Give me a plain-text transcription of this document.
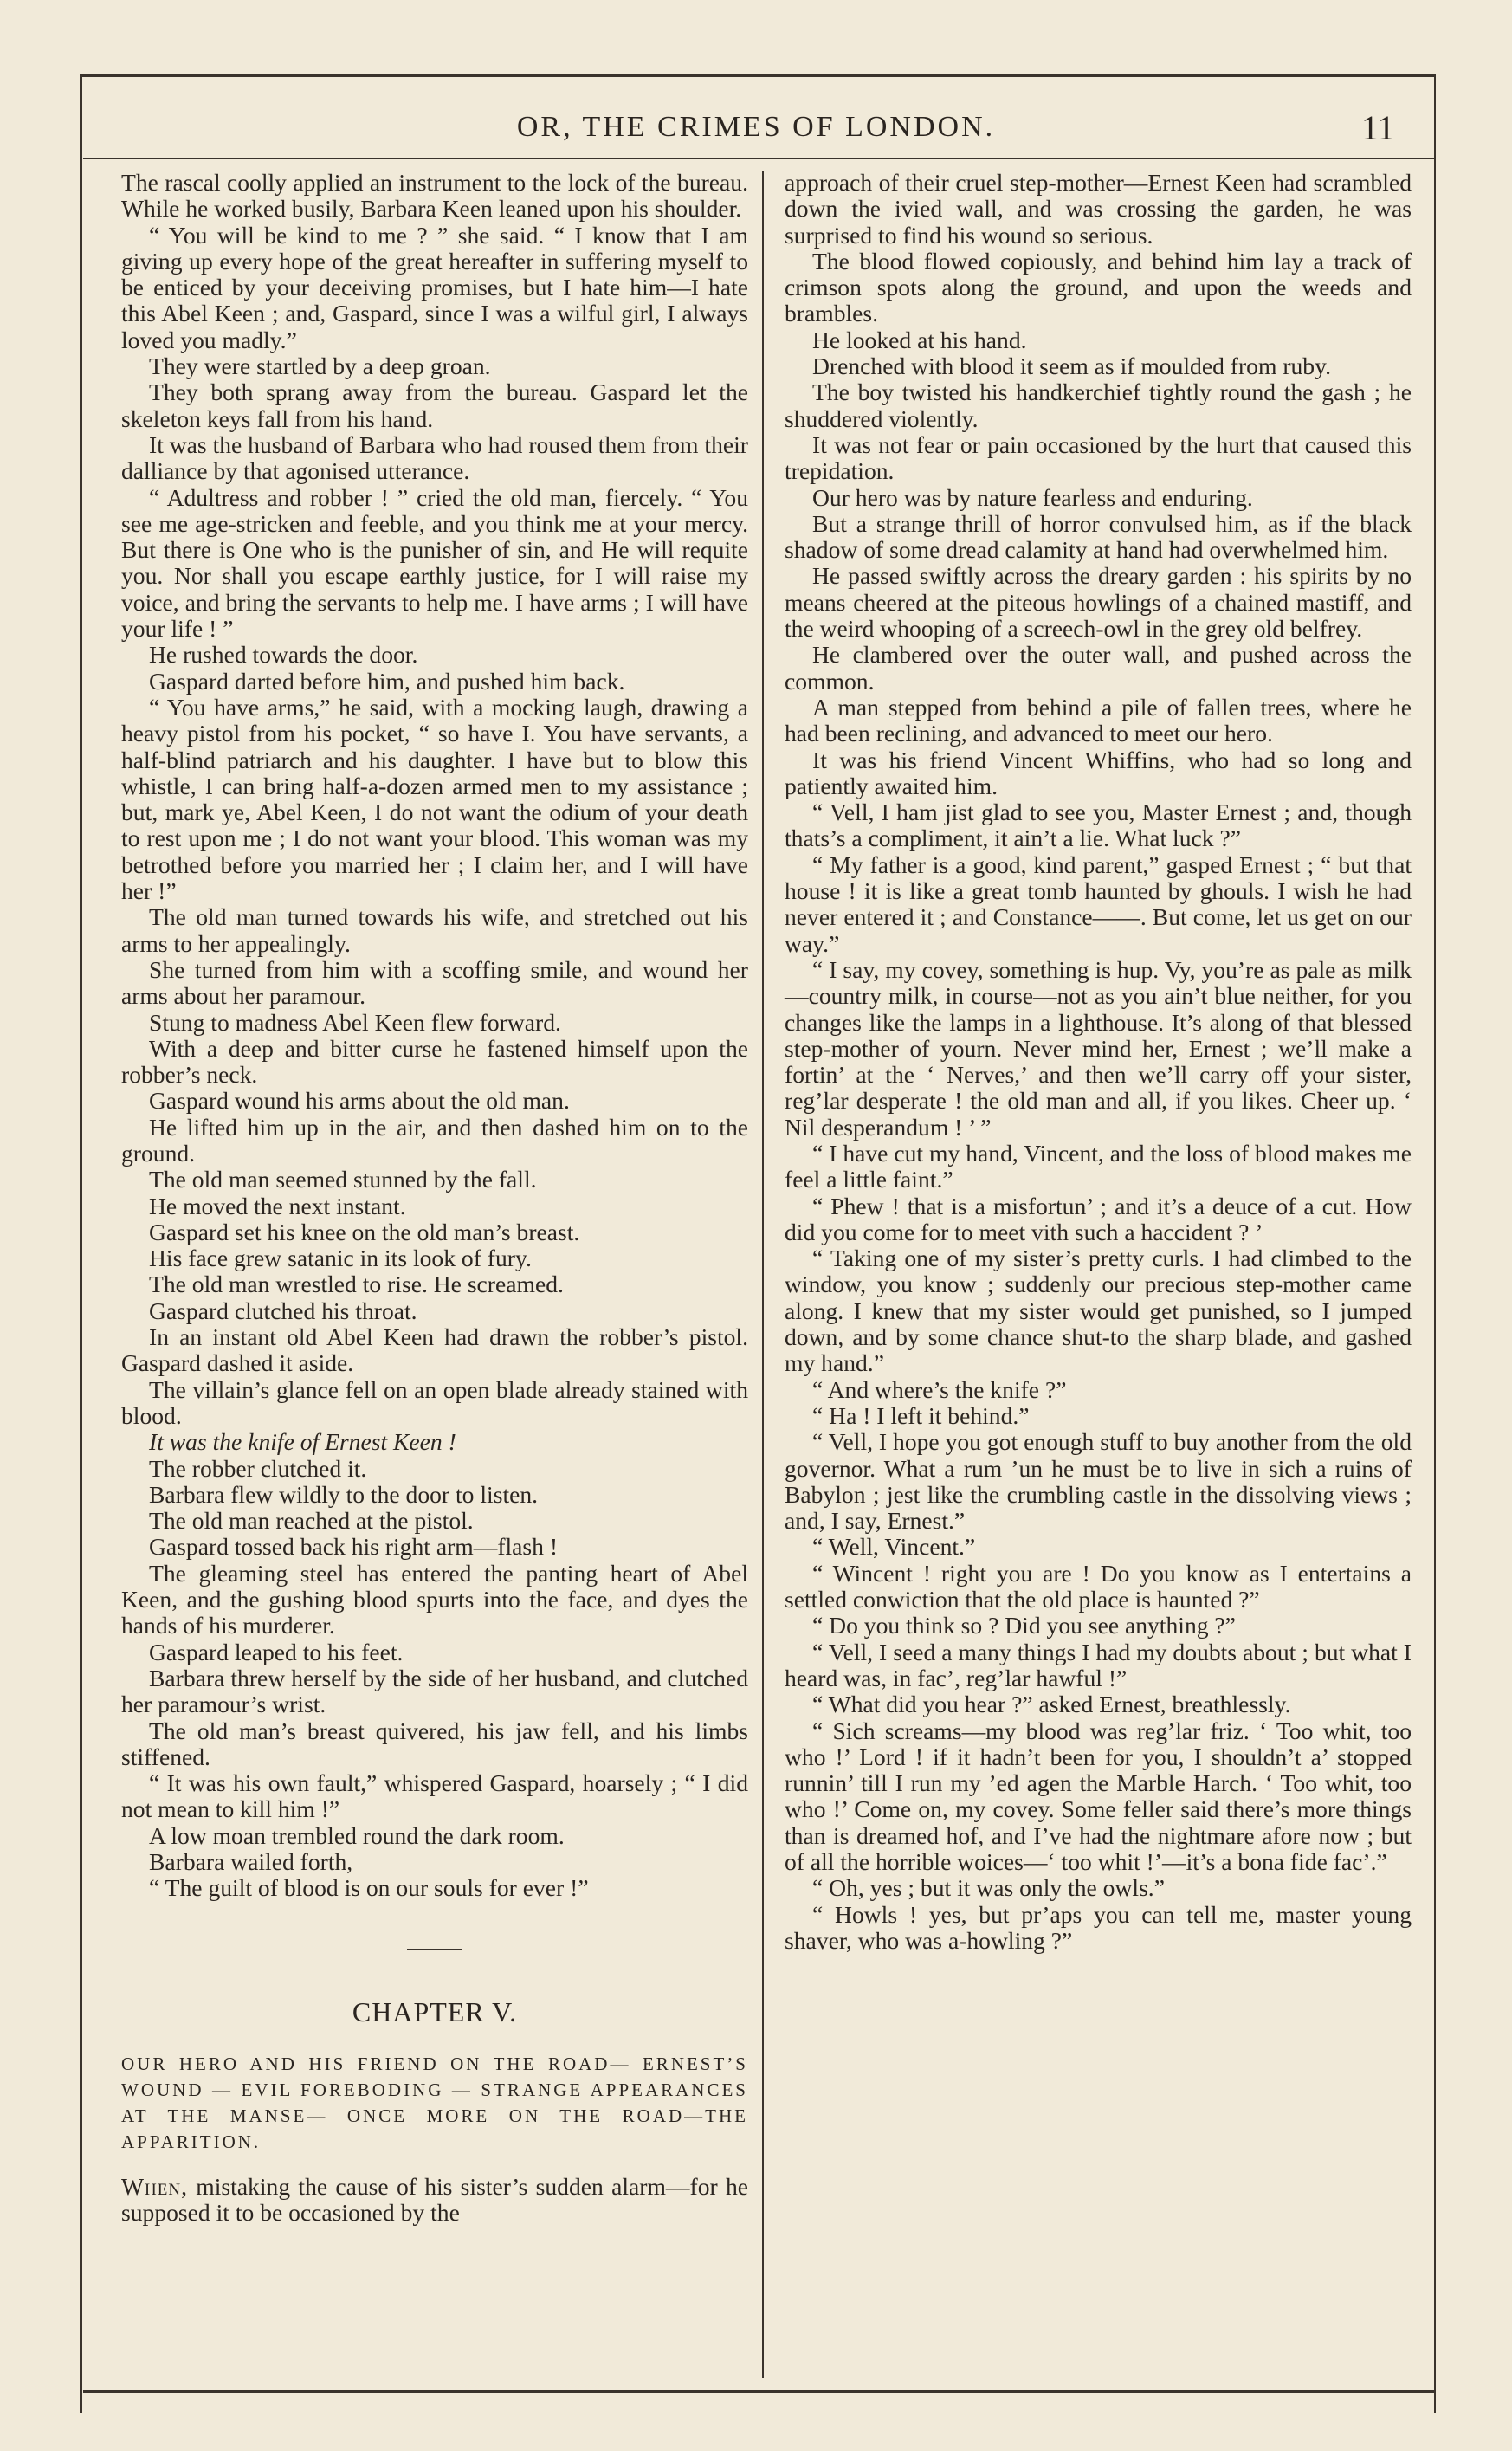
OR, THE CRIMES OF LONDON.	11

The rascal coolly applied an instrument to the lock of the bureau. While he worked busily, Barbara Keen leaned upon his shoulder.

“ You will be kind to me ? ” she said. “ I know that I am giving up every hope of the great hereafter in suffering myself to be enticed by your deceiving promises, but I hate him—I hate this Abel Keen ; and, Gaspard, since I was a wilful girl, I always loved you madly.”

They were startled by a deep groan.

They both sprang away from the bureau. Gaspard let the skeleton keys fall from his hand.

It was the husband of Barbara who had roused them from their dalliance by that agonised utterance.

“ Adultress and robber ! ” cried the old man, fiercely. “ You see me age-stricken and feeble, and you think me at your mercy. But there is One who is the punisher of sin, and He will requite you. Nor shall you escape earthly justice, for I will raise my voice, and bring the servants to help me. I have arms ; I will have your life ! ”

He rushed towards the door.

Gaspard darted before him, and pushed him back.

“ You have arms,” he said, with a mocking laugh, drawing a heavy pistol from his pocket, “ so have I. You have servants, a half-blind patriarch and his daughter. I have but to blow this whistle, I can bring half-a-dozen armed men to my assistance ; but, mark ye, Abel Keen, I do not want the odium of your death to rest upon me ; I do not want your blood. This woman was my betrothed before you married her ; I claim her, and I will have her !”

The old man turned towards his wife, and stretched out his arms to her appealingly.

She turned from him with a scoffing smile, and wound her arms about her paramour.

Stung to madness Abel Keen flew forward.

With a deep and bitter curse he fastened himself upon the robber’s neck.

Gaspard wound his arms about the old man.

He lifted him up in the air, and then dashed him on to the ground.

The old man seemed stunned by the fall.

He moved the next instant.

Gaspard set his knee on the old man’s breast.

His face grew satanic in its look of fury.

The old man wrestled to rise. He screamed.

Gaspard clutched his throat.

In an instant old Abel Keen had drawn the robber’s pistol. Gaspard dashed it aside.

The villain’s glance fell on an open blade already stained with blood.

It was the knife of Ernest Keen !

The robber clutched it.

Barbara flew wildly to the door to listen.

The old man reached at the pistol.

Gaspard tossed back his right arm—flash !

The gleaming steel has entered the panting heart of Abel Keen, and the gushing blood spurts into the face, and dyes the hands of his murderer.

Gaspard leaped to his feet.

Barbara threw herself by the side of her husband, and clutched her paramour’s wrist.

The old man’s breast quivered, his jaw fell, and his limbs stiffened.

“ It was his own fault,” whispered Gaspard, hoarsely ; “ I did not mean to kill him !”

A low moan trembled round the dark room.

Barbara wailed forth,

“ The guilt of blood is on our souls for ever !”

CHAPTER V.

OUR HERO AND HIS FRIEND ON THE ROAD— ERNEST’S WOUND — EVIL FOREBODING — STRANGE APPEARANCES AT THE MANSE— ONCE MORE ON THE ROAD—THE APPARITION.

When, mistaking the cause of his sister’s sudden alarm—for he supposed it to be occasioned by the

approach of their cruel step-mother—Ernest Keen had scrambled down the ivied wall, and was crossing the garden, he was surprised to find his wound so serious.

The blood flowed copiously, and behind him lay a track of crimson spots along the ground, and upon the weeds and brambles.

He looked at his hand.

Drenched with blood it seem as if moulded from ruby.

The boy twisted his handkerchief tightly round the gash ; he shuddered violently.

It was not fear or pain occasioned by the hurt that caused this trepidation.

Our hero was by nature fearless and enduring.

But a strange thrill of horror convulsed him, as if the black shadow of some dread calamity at hand had overwhelmed him.

He passed swiftly across the dreary garden : his spirits by no means cheered at the piteous howlings of a chained mastiff, and the weird whooping of a screech-owl in the grey old belfrey.

He clambered over the outer wall, and pushed across the common.

A man stepped from behind a pile of fallen trees, where he had been reclining, and advanced to meet our hero.

It was his friend Vincent Whiffins, who had so long and patiently awaited him.

“ Vell, I ham jist glad to see you, Master Ernest ; and, though thats’s a compliment, it ain’t a lie. What luck ?”

“ My father is a good, kind parent,” gasped Ernest ; “ but that house ! it is like a great tomb haunted by ghouls. I wish he had never entered it ; and Constance——. But come, let us get on our way.”

“ I say, my covey, something is hup. Vy, you’re as pale as milk—country milk, in course—not as you ain’t blue neither, for you changes like the lamps in a lighthouse. It’s along of that blessed step-mother of yourn. Never mind her, Ernest ; we’ll make a fortin’ at the ‘ Nerves,’ and then we’ll carry off your sister, reg’lar desperate ! the old man and all, if you likes. Cheer up. ‘ Nil desperandum ! ’ ”

“ I have cut my hand, Vincent, and the loss of blood makes me feel a little faint.”

“ Phew ! that is a misfortun’ ; and it’s a deuce of a cut. How did you come for to meet vith such a haccident ? ’

“ Taking one of my sister’s pretty curls. I had climbed to the window, you know ; suddenly our precious step-mother came along. I knew that my sister would get punished, so I jumped down, and by some chance shut-to the sharp blade, and gashed my hand.”

“ And where’s the knife ?”

“ Ha ! I left it behind.”

“ Vell, I hope you got enough stuff to buy another from the old governor. What a rum ’un he must be to live in sich a ruins of Babylon ; jest like the crumbling castle in the dissolving views ; and, I say, Ernest.”

“ Well, Vincent.”

“ Wincent ! right you are ! Do you know as I entertains a settled conwiction that the old place is haunted ?”

“ Do you think so ? Did you see anything ?”

“ Vell, I seed a many things I had my doubts about ; but what I heard was, in fac’, reg’lar hawful !”

“ What did you hear ?” asked Ernest, breathlessly.

“ Sich screams—my blood was reg’lar friz. ‘ Too whit, too who !’ Lord ! if it hadn’t been for you, I shouldn’t a’ stopped runnin’ till I run my ’ed agen the Marble Harch. ‘ Too whit, too who !’ Come on, my covey. Some feller said there’s more things than is dreamed hof, and I’ve had the nightmare afore now ; but of all the horrible woices—‘ too whit !’—it’s a bona fide fac’.”

“ Oh, yes ; but it was only the owls.”

“ Howls ! yes, but pr’aps you can tell me, master young shaver, who was a-howling ?”
